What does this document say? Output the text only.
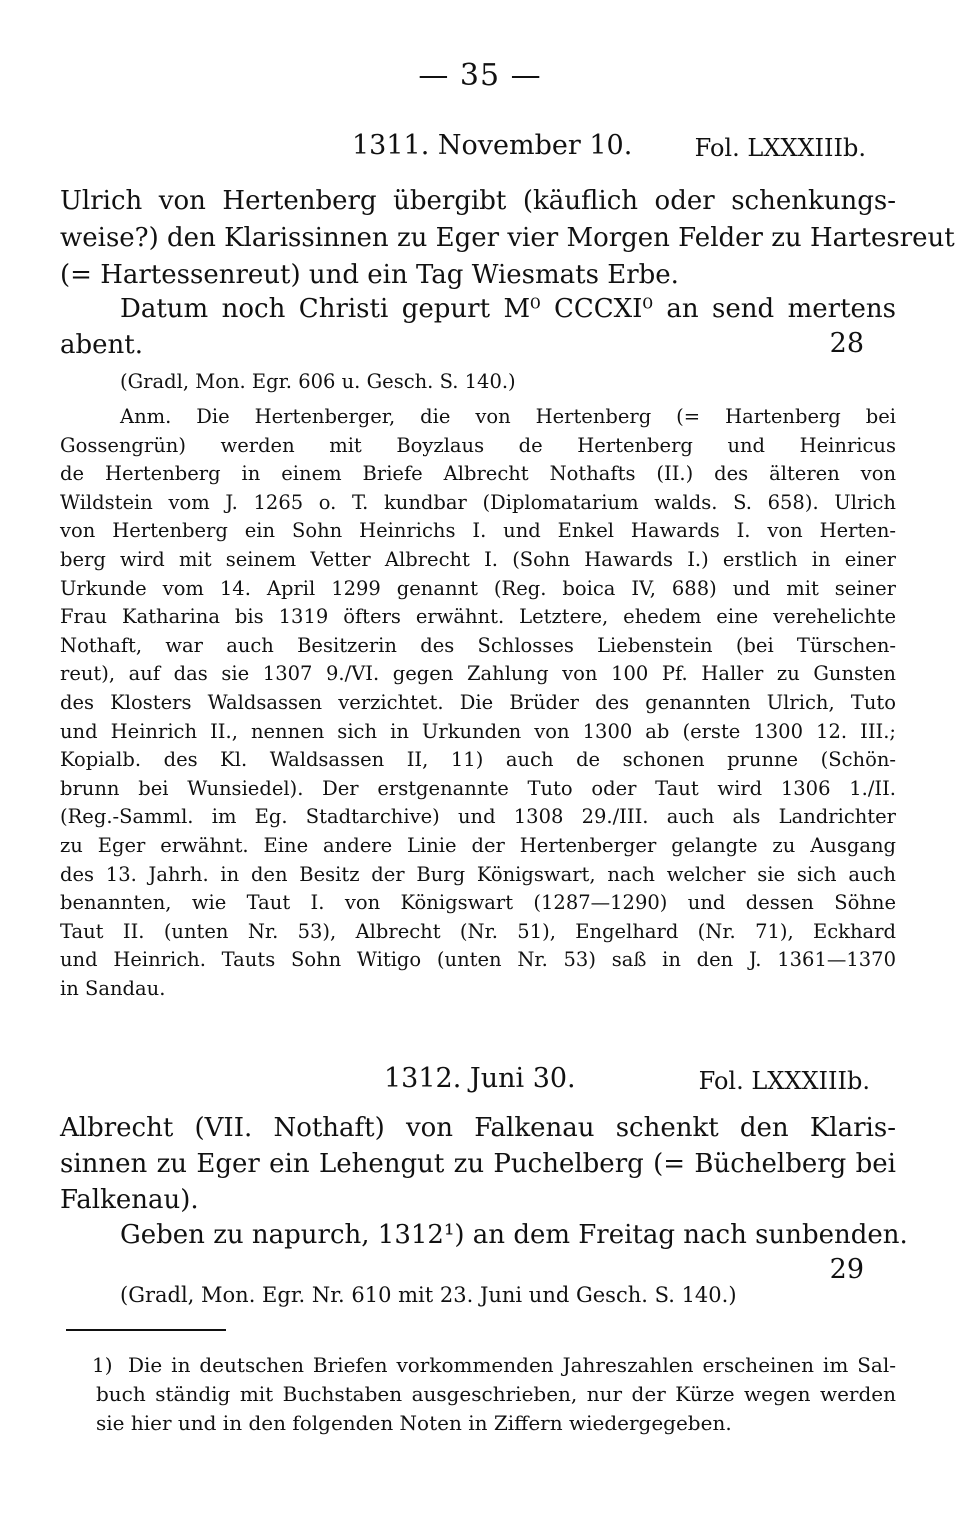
— 35 —
1311. November 10.	Fol. LXXXIIIb.
Ulrich von Hertenberg übergibt (käuflich oder schenkungs-
weise?) den Klarissinnen zu Eger vier Morgen Felder zu Hartesreut
(= Hartessenreut) und ein Tag Wiesmats Erbe.
Datum noch Christi gepurt M⁰ CCCXI⁰ an send mertens
abent.	28
(Gradl, Mon. Egr. 606 u. Gesch. S. 140.)
Anm. Die Hertenberger, die von Hertenberg (= Hartenberg bei
Gossengrün) werden mit Boyzlaus de Hertenberg und Heinricus
de Hertenberg in einem Briefe Albrecht Nothafts (II.) des älteren von
Wildstein vom J. 1265 o. T. kundbar (Diplomatarium walds. S. 658). Ulrich
von Hertenberg ein Sohn Heinrichs I. und Enkel Hawards I. von Herten-
berg wird mit seinem Vetter Albrecht I. (Sohn Hawards I.) erstlich in einer
Urkunde vom 14. April 1299 genannt (Reg. boica IV, 688) und mit seiner
Frau Katharina bis 1319 öfters erwähnt. Letztere, ehedem eine verehelichte
Nothaft, war auch Besitzerin des Schlosses Liebenstein (bei Türschen-
reut), auf das sie 1307 9./VI. gegen Zahlung von 100 Pf. Haller zu Gunsten
des Klosters Waldsassen verzichtet. Die Brüder des genannten Ulrich, Tuto
und Heinrich II., nennen sich in Urkunden von 1300 ab (erste 1300 12. III.;
Kopialb. des Kl. Waldsassen II, 11) auch de schonen prunne (Schön-
brunn bei Wunsiedel). Der erstgenannte Tuto oder Taut wird 1306 1./II.
(Reg.-Samml. im Eg. Stadtarchive) und 1308 29./III. auch als Landrichter
zu Eger erwähnt. Eine andere Linie der Hertenberger gelangte zu Ausgang
des 13. Jahrh. in den Besitz der Burg Königswart, nach welcher sie sich auch
benannten, wie Taut I. von Königswart (1287—1290) und dessen Söhne
Taut II. (unten Nr. 53), Albrecht (Nr. 51), Engelhard (Nr. 71), Eckhard
und Heinrich. Tauts Sohn Witigo (unten Nr. 53) saß in den J. 1361—1370
in Sandau.
1312. Juni 30.	Fol. LXXXIIIb.
Albrecht (VII. Nothaft) von Falkenau schenkt den Klaris-
sinnen zu Eger ein Lehengut zu Puchelberg (= Büchelberg bei
Falkenau).
Geben zu napurch, 1312¹) an dem Freitag nach sunbenden.
29
(Gradl, Mon. Egr. Nr. 610 mit 23. Juni und Gesch. S. 140.)
1) Die in deutschen Briefen vorkommenden Jahreszahlen erscheinen im Sal-
buch ständig mit Buchstaben ausgeschrieben, nur der Kürze wegen werden
sie hier und in den folgenden Noten in Ziffern wiedergegeben.
